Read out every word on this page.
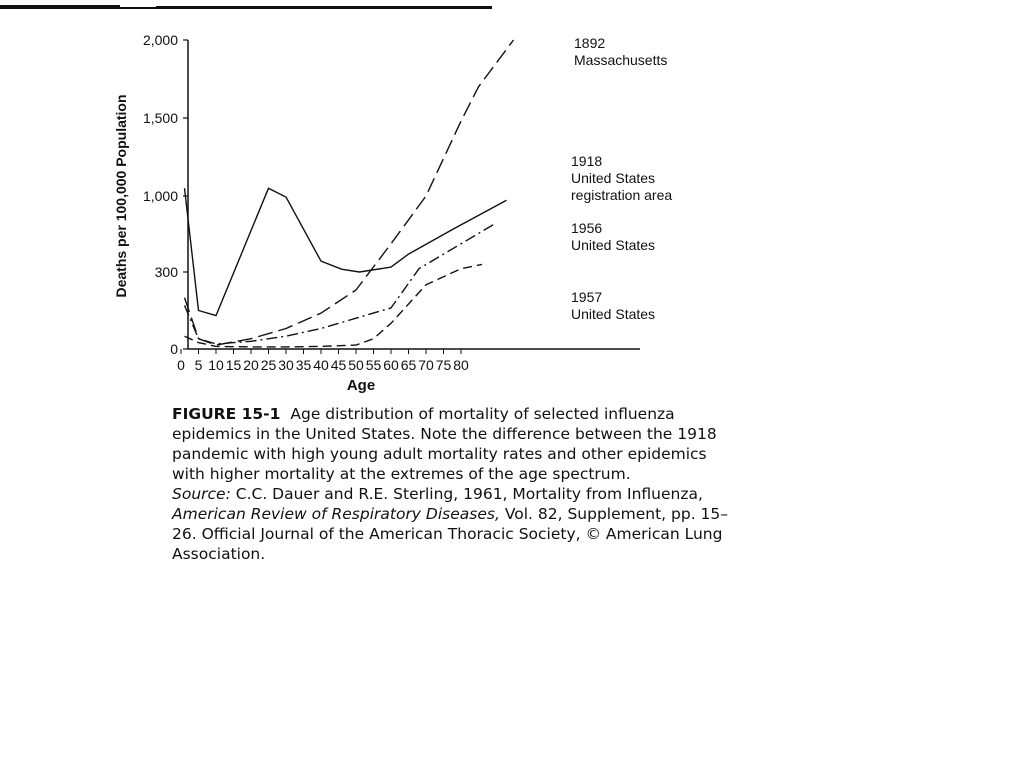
0
300
1,000
1,500
2,000
Deaths per 100,000 Population
0 5 10 15 20 25 30 35 40 45 50 55 60 65 70 75 80
Age
1892 Massachusetts
1918 United States registration area
1956 United States
1957 United States

FIGURE 15-1 Age distribution of mortality of selected influenza epidemics in the United States. Note the difference between the 1918 pandemic with high young adult mortality rates and other epidemics with higher mortality at the extremes of the age spectrum.

Source: C.C. Dauer and R.E. Sterling, 1961, Mortality from Influenza, American Review of Respiratory Diseases, Vol. 82, Supplement, pp. 15–26. Official Journal of the American Thoracic Society, © American Lung Association.
